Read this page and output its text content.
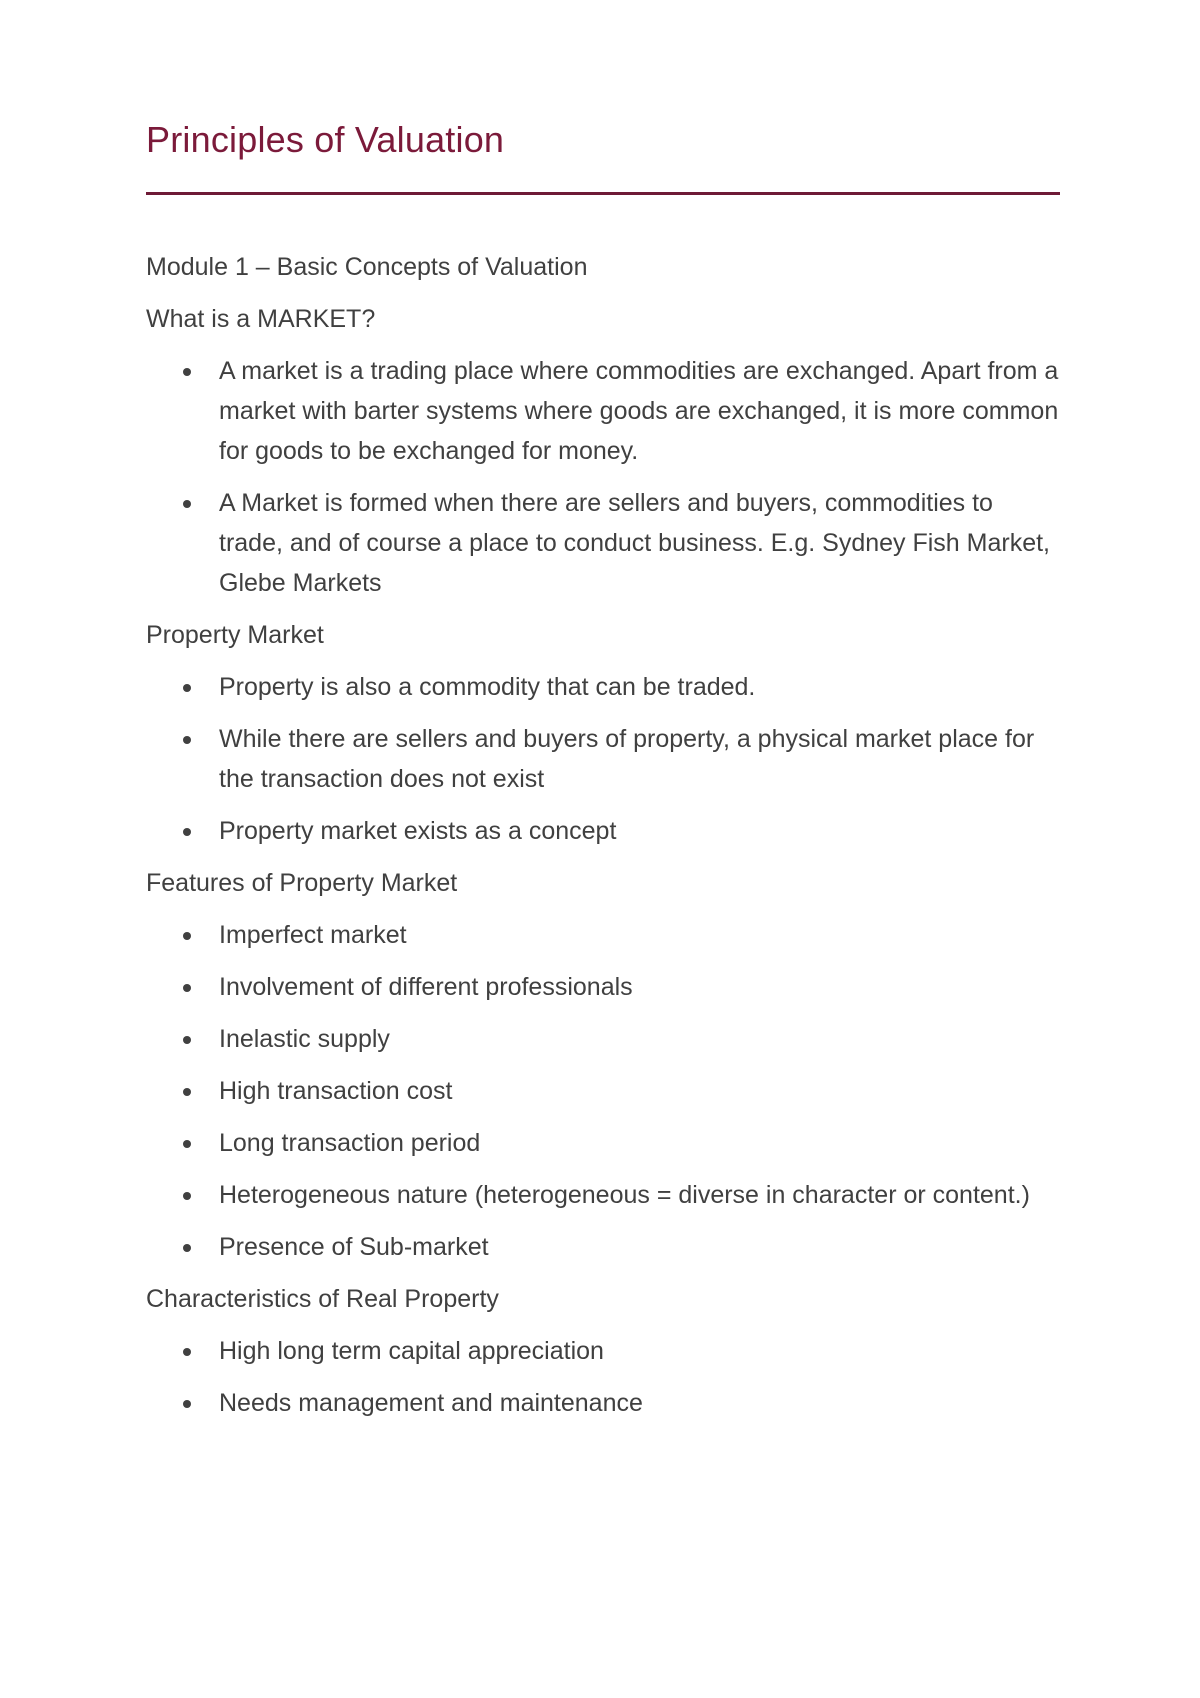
Principles of Valuation

Module 1 – Basic Concepts of Valuation

What is a MARKET?

A market is a trading place where commodities are exchanged. Apart from a market with barter systems where goods are exchanged, it is more common for goods to be exchanged for money.
A Market is formed when there are sellers and buyers, commodities to trade, and of course a place to conduct business. E.g. Sydney Fish Market, Glebe Markets

Property Market

Property is also a commodity that can be traded.
While there are sellers and buyers of property, a physical market place for the transaction does not exist
Property market exists as a concept

Features of Property Market

Imperfect market
Involvement of different professionals
Inelastic supply
High transaction cost
Long transaction period
Heterogeneous nature (heterogeneous = diverse in character or content.)
Presence of Sub-market

Characteristics of Real Property

High long term capital appreciation
Needs management and maintenance
